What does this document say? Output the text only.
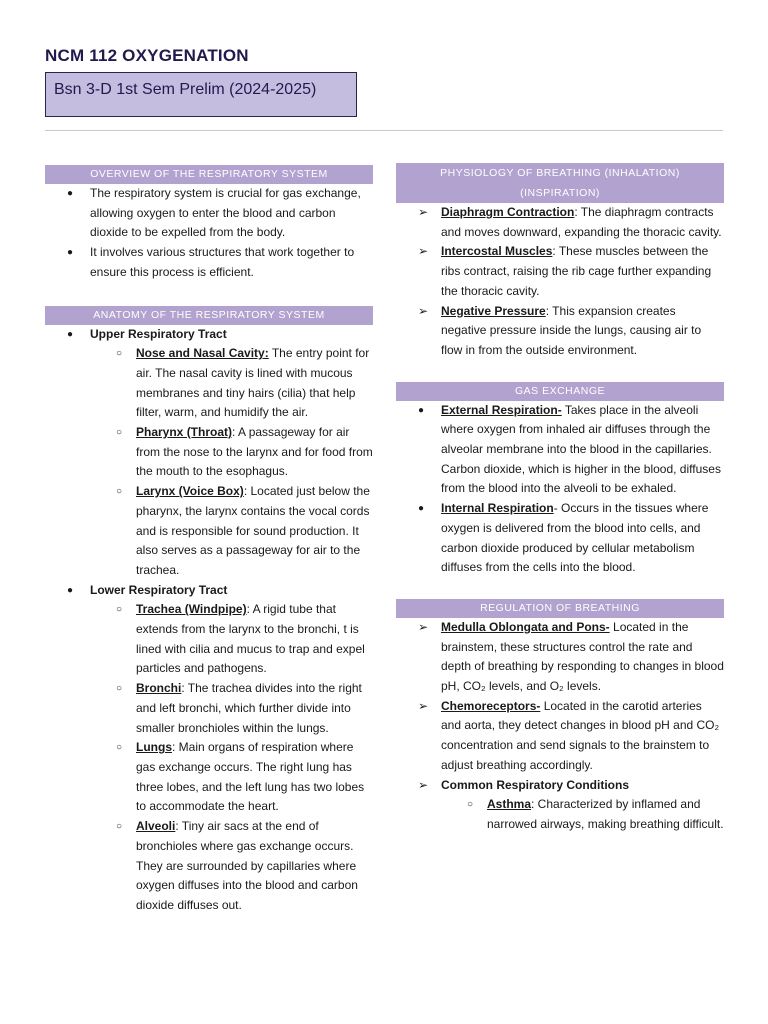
NCM 112 OXYGENATION
Bsn 3-D 1st Sem Prelim (2024-2025)
OVERVIEW OF THE RESPIRATORY SYSTEM
● The respiratory system is crucial for gas exchange, allowing oxygen to enter the blood and carbon dioxide to be expelled from the body.
● It involves various structures that work together to ensure this process is efficient.
ANATOMY OF THE RESPIRATORY SYSTEM
● Upper Respiratory Tract
○ Nose and Nasal Cavity: The entry point for air. The nasal cavity is lined with mucous membranes and tiny hairs (cilia) that help filter, warm, and humidify the air.
○ Pharynx (Throat): A passageway for air from the nose to the larynx and for food from the mouth to the esophagus.
○ Larynx (Voice Box): Located just below the pharynx, the larynx contains the vocal cords and is responsible for sound production. It also serves as a passageway for air to the trachea.
● Lower Respiratory Tract
○ Trachea (Windpipe): A rigid tube that extends from the larynx to the bronchi, t is lined with cilia and mucus to trap and expel particles and pathogens.
○ Bronchi: The trachea divides into the right and left bronchi, which further divide into smaller bronchioles within the lungs.
○ Lungs: Main organs of respiration where gas exchange occurs. The right lung has three lobes, and the left lung has two lobes to accommodate the heart.
○ Alveoli: Tiny air sacs at the end of bronchioles where gas exchange occurs. They are surrounded by capillaries where oxygen diffuses into the blood and carbon dioxide diffuses out.
PHYSIOLOGY OF BREATHING (INHALATION)
(INSPIRATION)
➢ Diaphragm Contraction: The diaphragm contracts and moves downward, expanding the thoracic cavity.
➢ Intercostal Muscles: These muscles between the ribs contract, raising the rib cage further expanding the thoracic cavity.
➢ Negative Pressure: This expansion creates negative pressure inside the lungs, causing air to flow in from the outside environment.
GAS EXCHANGE
● External Respiration- Takes place in the alveoli where oxygen from inhaled air diffuses through the alveolar membrane into the blood in the capillaries. Carbon dioxide, which is higher in the blood, diffuses from the blood into the alveoli to be exhaled.
● Internal Respiration- Occurs in the tissues where oxygen is delivered from the blood into cells, and carbon dioxide produced by cellular metabolism diffuses from the cells into the blood.
REGULATION OF BREATHING
➢ Medulla Oblongata and Pons- Located in the brainstem, these structures control the rate and depth of breathing by responding to changes in blood pH, CO₂ levels, and O₂ levels.
➢ Chemoreceptors- Located in the carotid arteries and aorta, they detect changes in blood pH and CO₂ concentration and send signals to the brainstem to adjust breathing accordingly.
➢ Common Respiratory Conditions
○ Asthma: Characterized by inflamed and narrowed airways, making breathing difficult.
